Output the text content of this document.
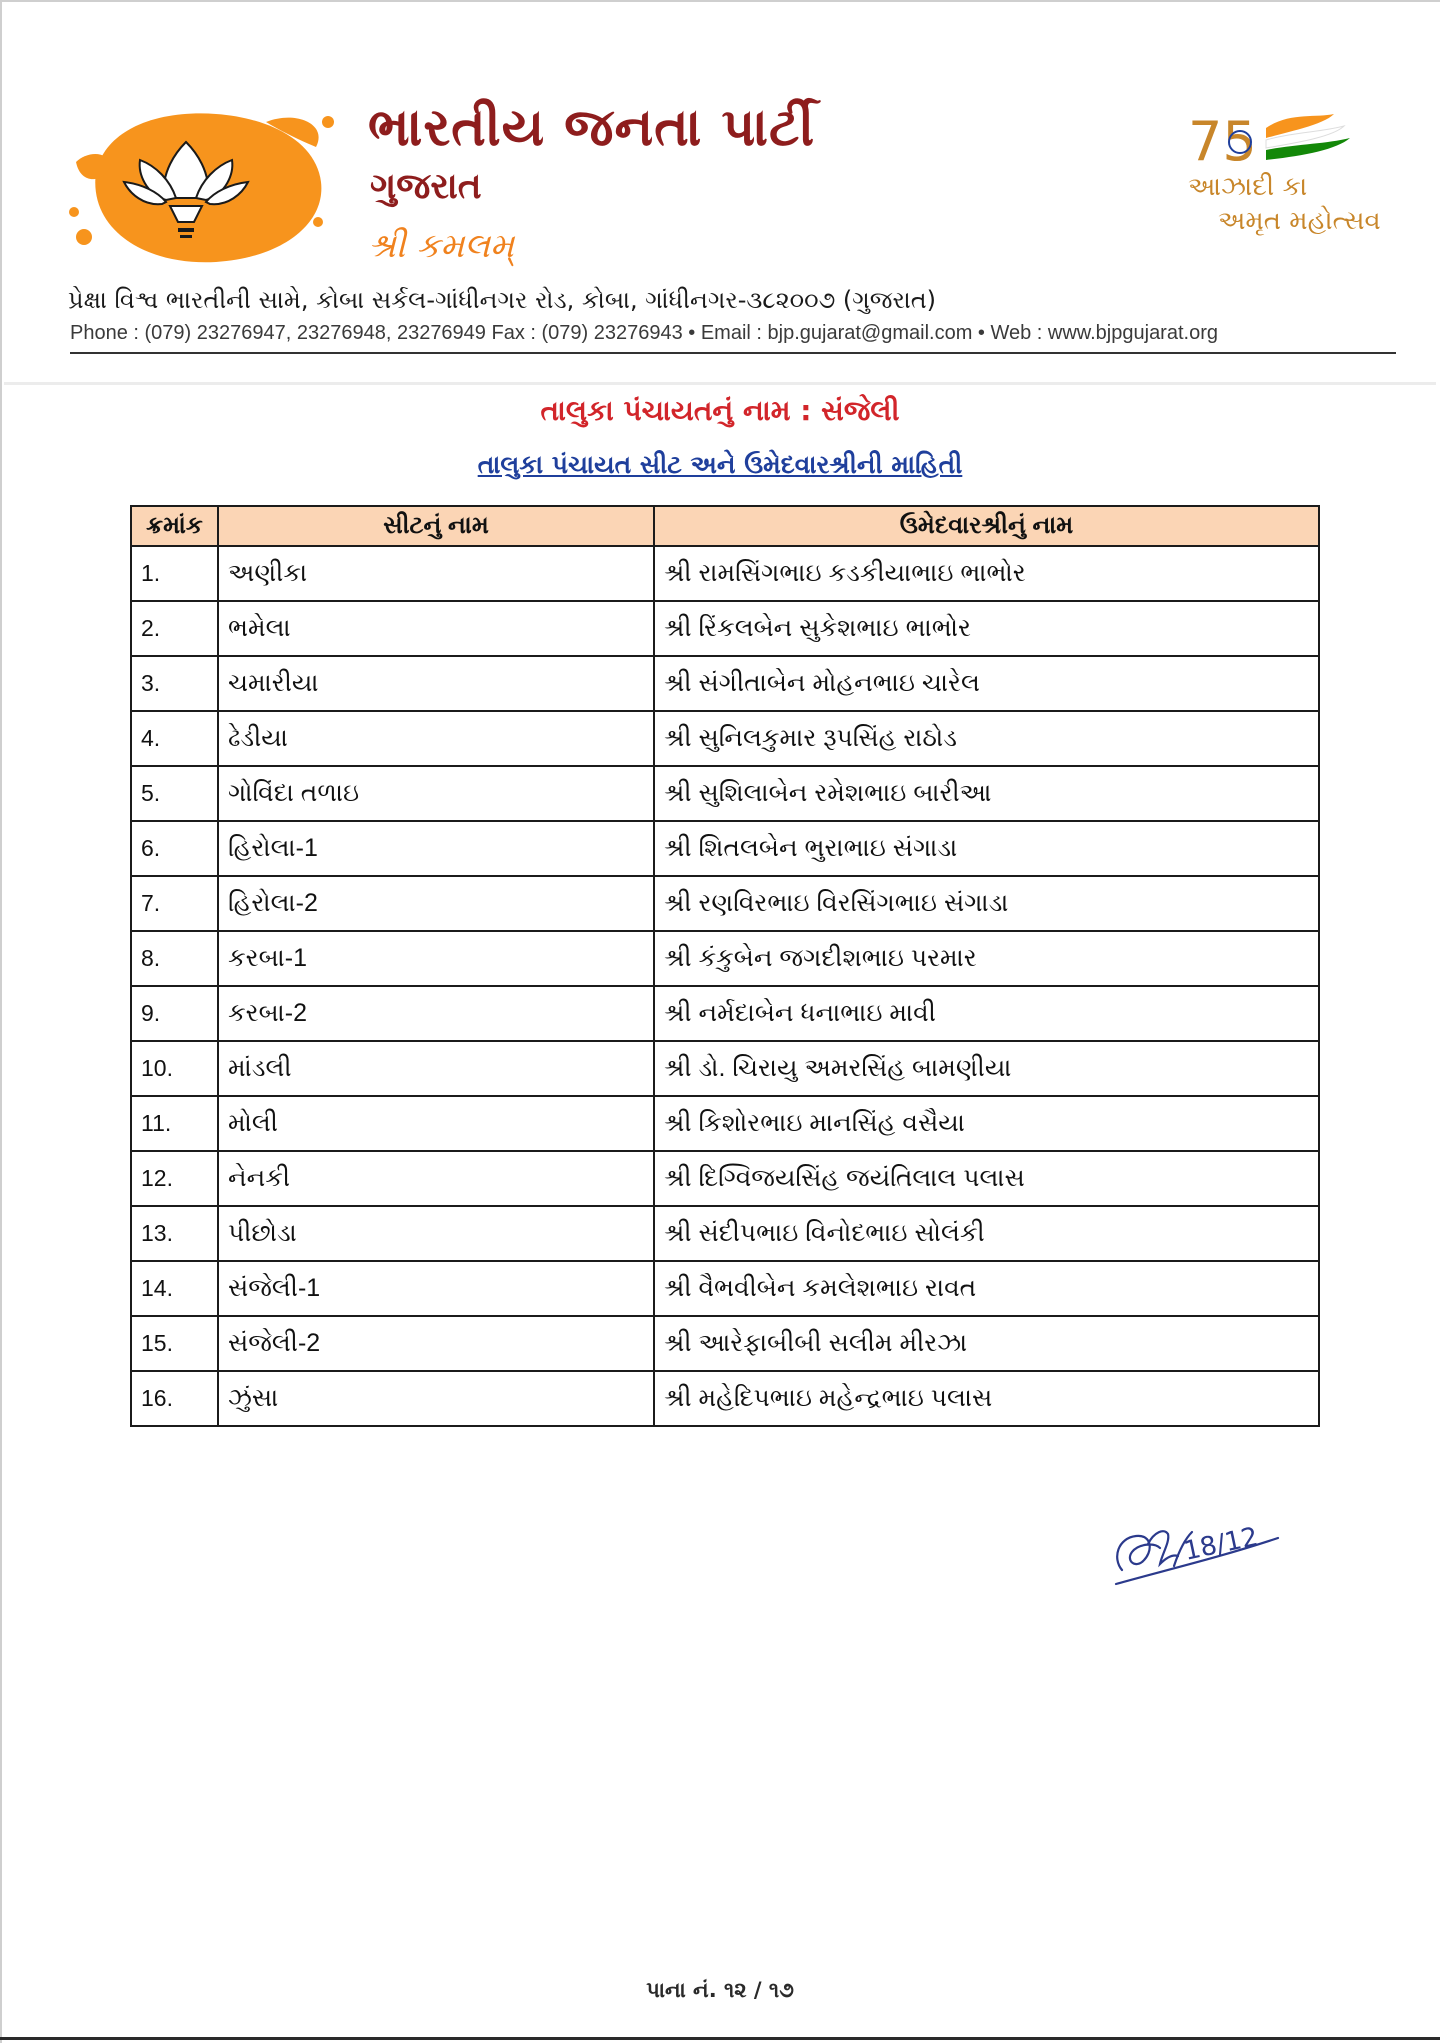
ભારતીય જનતા પાર્ટી
ગુજરાત
શ્રી કમલમ્
75
આઝાદી કા
અમૃત મહોત્સવ
પ્રેક્ષા વિશ્વ ભારતીની સામે, કોબા સર્કલ-ગાંધીનગર રોડ, કોબા, ગાંધીનગર-૩૮૨૦૦૭ (ગુજરાત)
Phone : (079) 23276947, 23276948, 23276949 Fax : (079) 23276943 • Email : bjp.gujarat@gmail.com • Web : www.bjpgujarat.org
તાલુકા પંચાયતનું નામ : સંજેલી
તાલુકા પંચાયત સીટ અને ઉમેદવારશ્રીની માહિતી
ક્રમાંક	સીટનું નામ	ઉમેદવારશ્રીનું નામ
1.	અણીકા	શ્રી રામસિંગભાઇ કડકીયાભાઇ ભાભોર
2.	ભમેલા	શ્રી રિંકલબેન સુકેશભાઇ ભાભોર
3.	ચમારીયા	શ્રી સંગીતાબેન મોહનભાઇ ચારેલ
4.	ઢેડીયા	શ્રી સુનિલકુમાર રૂપસિંહ રાઠોડ
5.	ગોવિંદા તળાઇ	શ્રી સુશિલાબેન રમેશભાઇ બારીઆ
6.	હિરોલા-1	શ્રી શિતલબેન ભુરાભાઇ સંગાડા
7.	હિરોલા-2	શ્રી રણવિરભાઇ વિરસિંગભાઇ સંગાડા
8.	કરબા-1	શ્રી કંકુબેન જગદીશભાઇ પરમાર
9.	કરબા-2	શ્રી નર્મદાબેન ધનાભાઇ માવી
10.	માંડલી	શ્રી ડો. ચિરાયુ અમરસિંહ બામણીયા
11.	મોલી	શ્રી કિશોરભાઇ માનસિંહ વસૈયા
12.	નેનકી	શ્રી દિગ્વિજયસિંહ જયંતિલાલ પલાસ
13.	પીછોડા	શ્રી સંદીપભાઇ વિનોદભાઇ સોલંકી
14.	સંજેલી-1	શ્રી વૈભવીબેન કમલેશભાઇ રાવત
15.	સંજેલી-2	શ્રી આરેફાબીબી સલીમ મીરઝા
16.	ઝુંસા	શ્રી મહેદિપભાઇ મહેન્દ્રભાઇ પલાસ
18/12
પાના નં. ૧૨ / ૧૭
